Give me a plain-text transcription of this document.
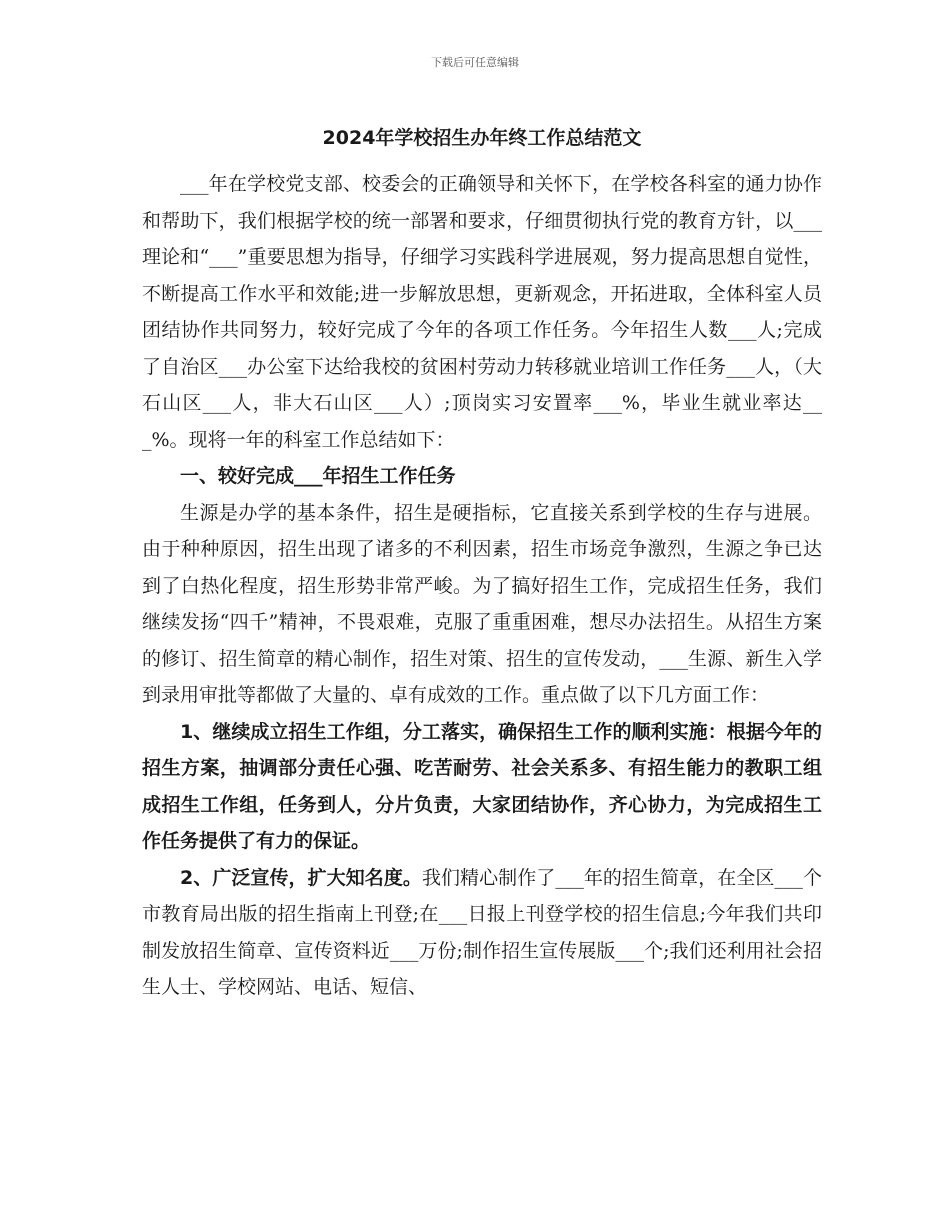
下载后可任意编辑
2024年学校招生办年终工作总结范文

___年在学校党支部、校委会的正确领导和关怀下，在学校各科室的通力协作和帮助下，我们根据学校的统一部署和要求，仔细贯彻执行党的教育方针，以___理论和“___”重要思想为指导，仔细学习实践科学进展观，努力提高思想自觉性，不断提高工作水平和效能;进一步解放思想，更新观念，开拓进取，全体科室人员团结协作共同努力，较好完成了今年的各项工作任务。今年招生人数___人;完成了自治区___办公室下达给我校的贫困村劳动力转移就业培训工作任务___人，（大石山区___人，非大石山区___人）;顶岗实习安置率___%，毕业生就业率达___%。现将一年的科室工作总结如下：

一、较好完成___年招生工作任务

生源是办学的基本条件，招生是硬指标，它直接关系到学校的生存与进展。由于种种原因，招生出现了诸多的不利因素，招生市场竞争激烈，生源之争已达到了白热化程度，招生形势非常严峻。为了搞好招生工作，完成招生任务，我们继续发扬“四千”精神，不畏艰难，克服了重重困难，想尽办法招生。从招生方案的修订、招生简章的精心制作，招生对策、招生的宣传发动，___生源、新生入学到录用审批等都做了大量的、卓有成效的工作。重点做了以下几方面工作：

1、继续成立招生工作组，分工落实，确保招生工作的顺利实施：根据今年的招生方案，抽调部分责任心强、吃苦耐劳、社会关系多、有招生能力的教职工组成招生工作组，任务到人，分片负责，大家团结协作，齐心协力，为完成招生工作任务提供了有力的保证。

2、广泛宣传，扩大知名度。我们精心制作了___年的招生简章，在全区___个市教育局出版的招生指南上刊登;在___日报上刊登学校的招生信息;今年我们共印制发放招生简章、宣传资料近___万份;制作招生宣传展版___个;我们还利用社会招生人士、学校网站、电话、短信、
